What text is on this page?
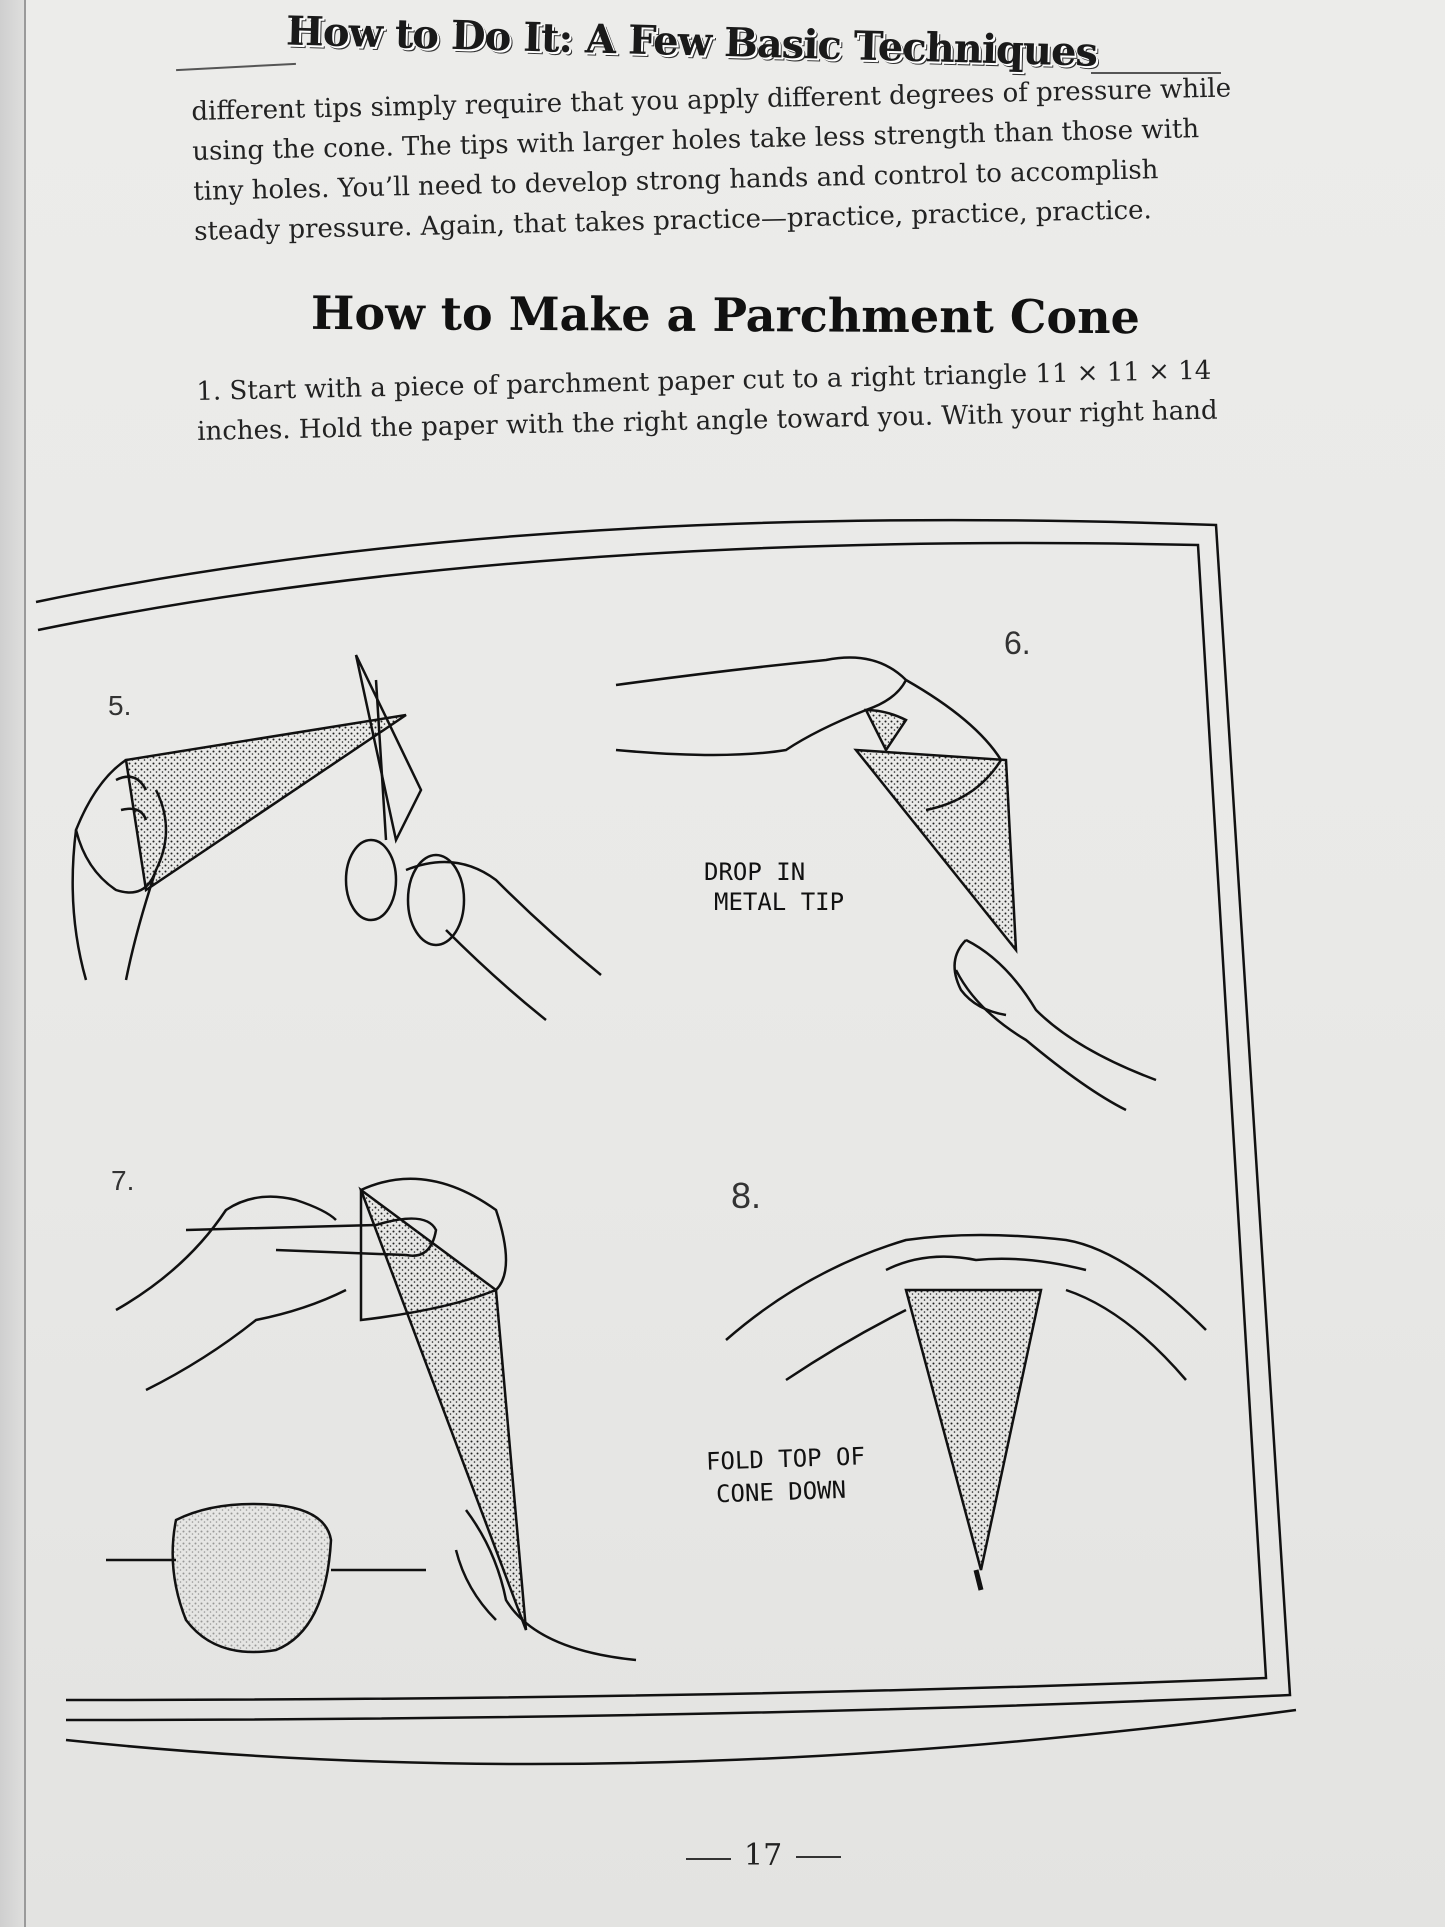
How to Do It: A Few Basic Techniques
different tips simply require that you apply different degrees of pressure while
using the cone. The tips with larger holes take less strength than those with
tiny holes. You’ll need to develop strong hands and control to accomplish
steady pressure. Again, that takes practice—practice, practice, practice.
How to Make a Parchment Cone
1. Start with a piece of parchment paper cut to a right triangle 11 × 11 × 14
inches. Hold the paper with the right angle toward you. With your right hand
5.
6.
7.	8.
DROP IN
METAL TIP
FOLD TOP OF
CONE DOWN
17
